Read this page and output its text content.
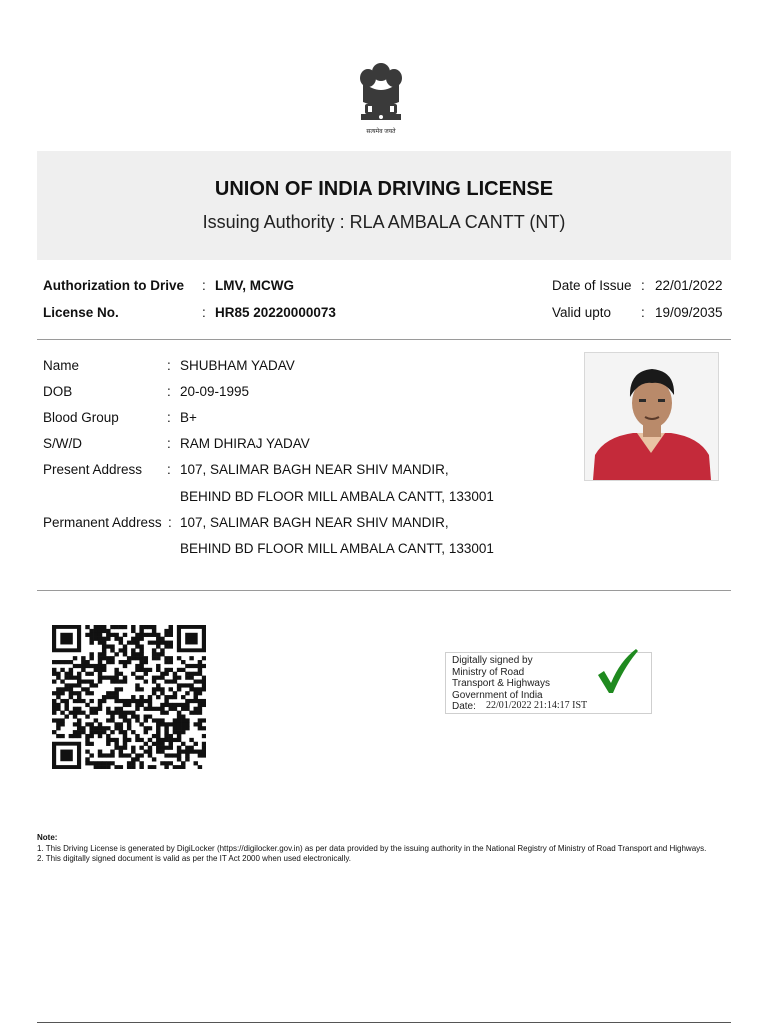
सत्यमेव जयते
UNION OF INDIA DRIVING LICENSE
Issuing Authority : RLA AMBALA CANTT (NT)
Authorization to Drive : LMV, MCWG
License No.	: HR85 20220000073
Date of Issue : 22/01/2022
Valid upto : 19/09/2035
Name	: SHUBHAM YADAV
DOB	: 20-09-1995
Blood Group	: B+
S/W/D	: RAM DHIRAJ YADAV
Present Address : 107, SALIMAR BAGH NEAR SHIV MANDIR,
BEHIND BD FLOOR MILL AMBALA CANTT, 133001
Permanent Address : 107, SALIMAR BAGH NEAR SHIV MANDIR,
BEHIND BD FLOOR MILL AMBALA CANTT, 133001
Digitally signed by
Ministry of Road
Transport & Highways
Government of India
Date: 22/01/2022 21:14:17 IST
Note:
1. This Driving License is generated by DigiLocker (https://digilocker.gov.in) as per data provided by the issuing authority in the National Registry of Ministry of Road Transport and Highways.
2. This digitally signed document is valid as per the IT Act 2000 when used electronically.
